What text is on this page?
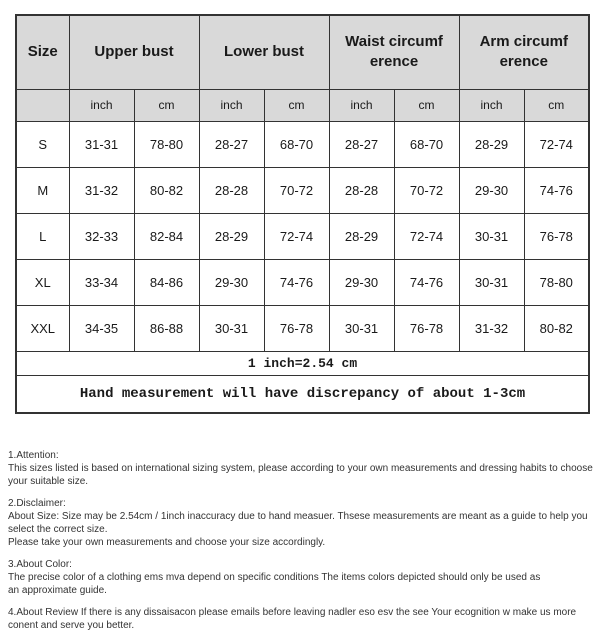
Size	Upper bust		Lower bust		Waist circumf erence		Arm circumf erence	
	inch	cm	inch	cm	inch	cm	inch	cm
S	31-31	78-80	28-27	68-70	28-27	68-70	28-29	72-74
M	31-32	80-82	28-28	70-72	28-28	70-72	29-30	74-76
L	32-33	82-84	28-29	72-74	28-29	72-74	30-31	76-78
XL	33-34	84-86	29-30	74-76	29-30	74-76	30-31	78-80
XXL	34-35	86-88	30-31	76-78	30-31	76-78	31-32	80-82
1 inch=2.54 cm								
Hand measurement will have discrepancy of about 1-3cm								
1.Attention:
This sizes listed is based on international sizing system, please according to your own measurements and dressing habits to choose your suitable size.
2.Disclaimer:
About Size: Size may be 2.54cm / 1inch inaccuracy due to hand measuer. Thsese measurements are meant as a guide to help you select the correct size.
Please take your own measurements and choose your size accordingly.
3.About Color:
The precise color of a clothing ems mva depend on specific conditions The items colors depicted should only be used as
an approximate guide.
4.About Review If there is any dissaisacon please emails before leaving nadler eso esv the see Your ecognition w make us more
conent and serve you better.
